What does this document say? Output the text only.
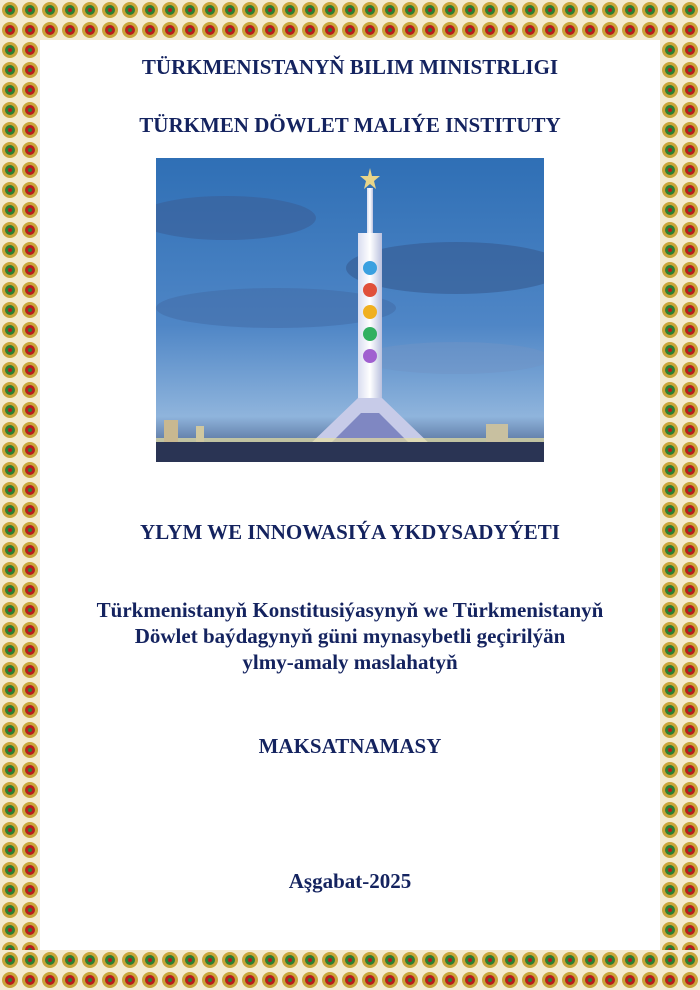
TÜRKMENISTANYŇ BILIM MINISTRLIGI

TÜRKMEN DÖWLET MALIÝE INSTITUTY

YLYM WE INNOWASIÝA YKDYSADYÝETI

Türkmenistanyň Konstitusiýasynyň we Türkmenistanyň
Döwlet baýdagynyň güni mynasybetli geçirilýän
ylmy-amaly maslahatyň

MAKSATNAMASY

Aşgabat-2025
